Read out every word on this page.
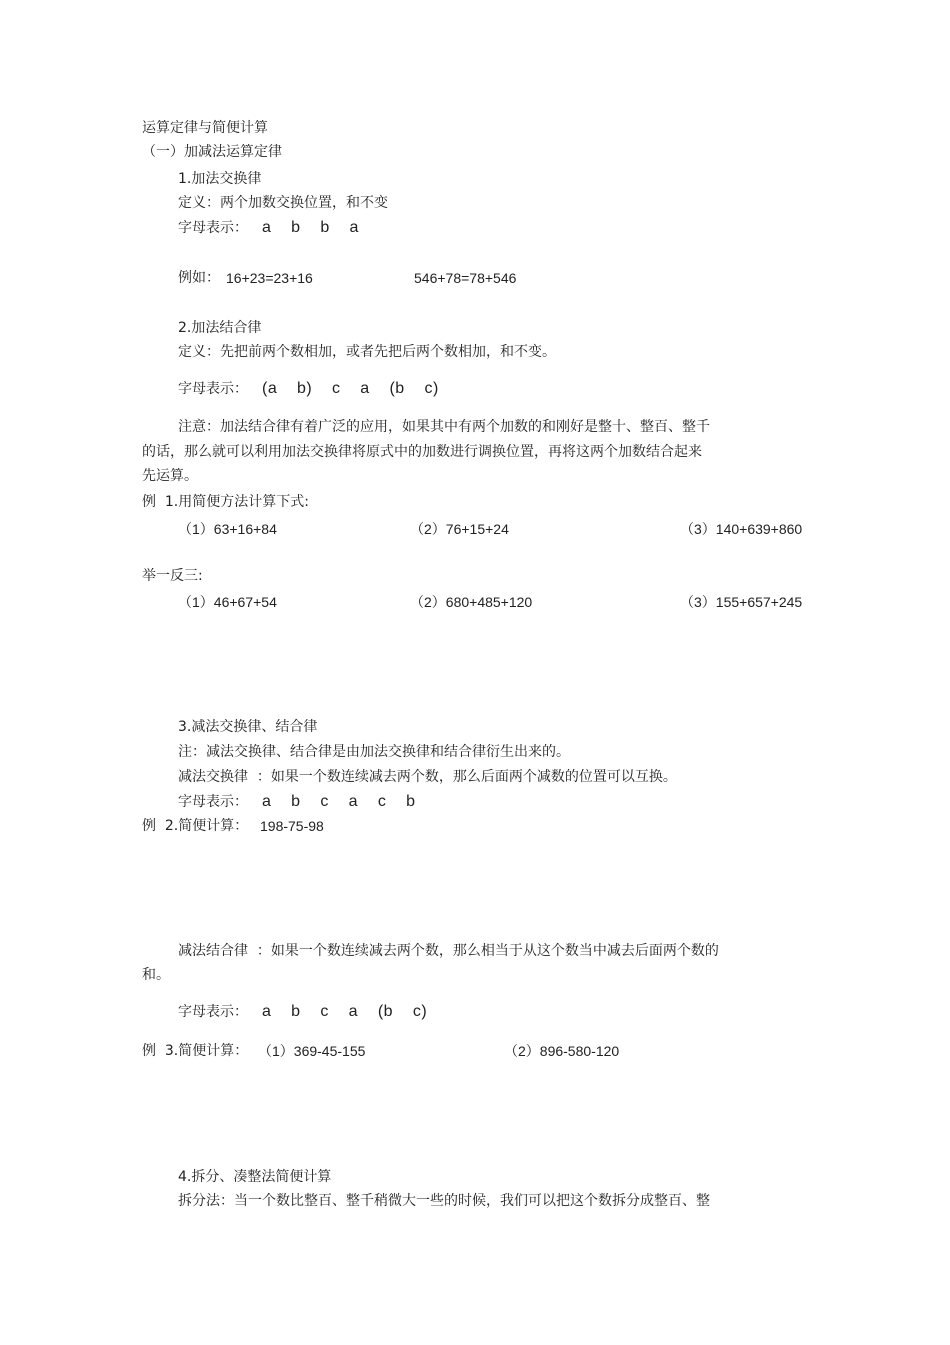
运算定律与简便计算
（一）加减法运算定律
1.加法交换律
定义：两个加数交换位置，和不变
字母表示： a    b    b    a
例如： 16+23=23+16	546+78=78+546
2.加法结合律
定义：先把前两个数相加，或者先把后两个数相加，和不变。
字母表示： (a    b)    c    a    (b    c)
注意：加法结合律有着广泛的应用，如果其中有两个加数的和刚好是整十、整百、整千
的话，那么就可以利用加法交换律将原式中的加数进行调换位置，再将这两个加数结合起来
先运算。
例  1.用简便方法计算下式:
（1）63+16+84	（2）76+15+24	（3）140+639+860
举一反三:
（1）46+67+54	（2）680+485+120	（3）155+657+245
3.减法交换律、结合律
注：减法交换律、结合律是由加法交换律和结合律衍生出来的。
减法交换律  ：如果一个数连续减去两个数，那么后面两个减数的位置可以互换。
字母表示： a    b    c    a    c    b
例  2.简便计算： 198-75-98
减法结合律  ：如果一个数连续减去两个数，那么相当于从这个数当中减去后面两个数的
和。
字母表示： a    b    c    a    (b    c)
例  3.简便计算： （1）369-45-155	（2）896-580-120
4.拆分、凑整法简便计算
拆分法：当一个数比整百、整千稍微大一些的时候，我们可以把这个数拆分成整百、整
